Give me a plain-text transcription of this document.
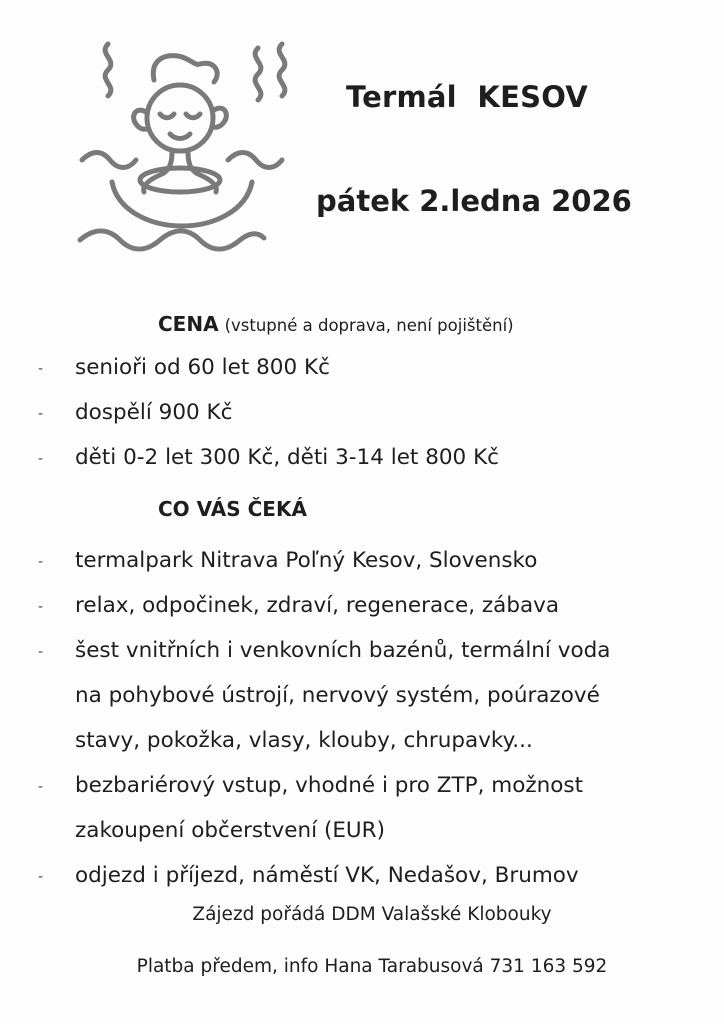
Termál  KESOV
pátek 2.ledna 2026
CENA (vstupné a doprava, není pojištění)
- senioři od 60 let 800 Kč
- dospělí 900 Kč
- děti 0-2 let 300 Kč, děti 3-14 let 800 Kč
CO VÁS ČEKÁ
- termalpark Nitrava Poľný Kesov, Slovensko
- relax, odpočinek, zdraví, regenerace, zábava
- šest vnitřních i venkovních bazénů, termální voda
na pohybové ústrojí, nervový systém, poúrazové
stavy, pokožka, vlasy, klouby, chrupavky...
- bezbariérový vstup, vhodné i pro ZTP, možnost
zakoupení občerstvení (EUR)
- odjezd i příjezd, náměstí VK, Nedašov, Brumov

Zájezd pořádá DDM Valašské Klobouky

Platba předem, info Hana Tarabusová 731 163 592
